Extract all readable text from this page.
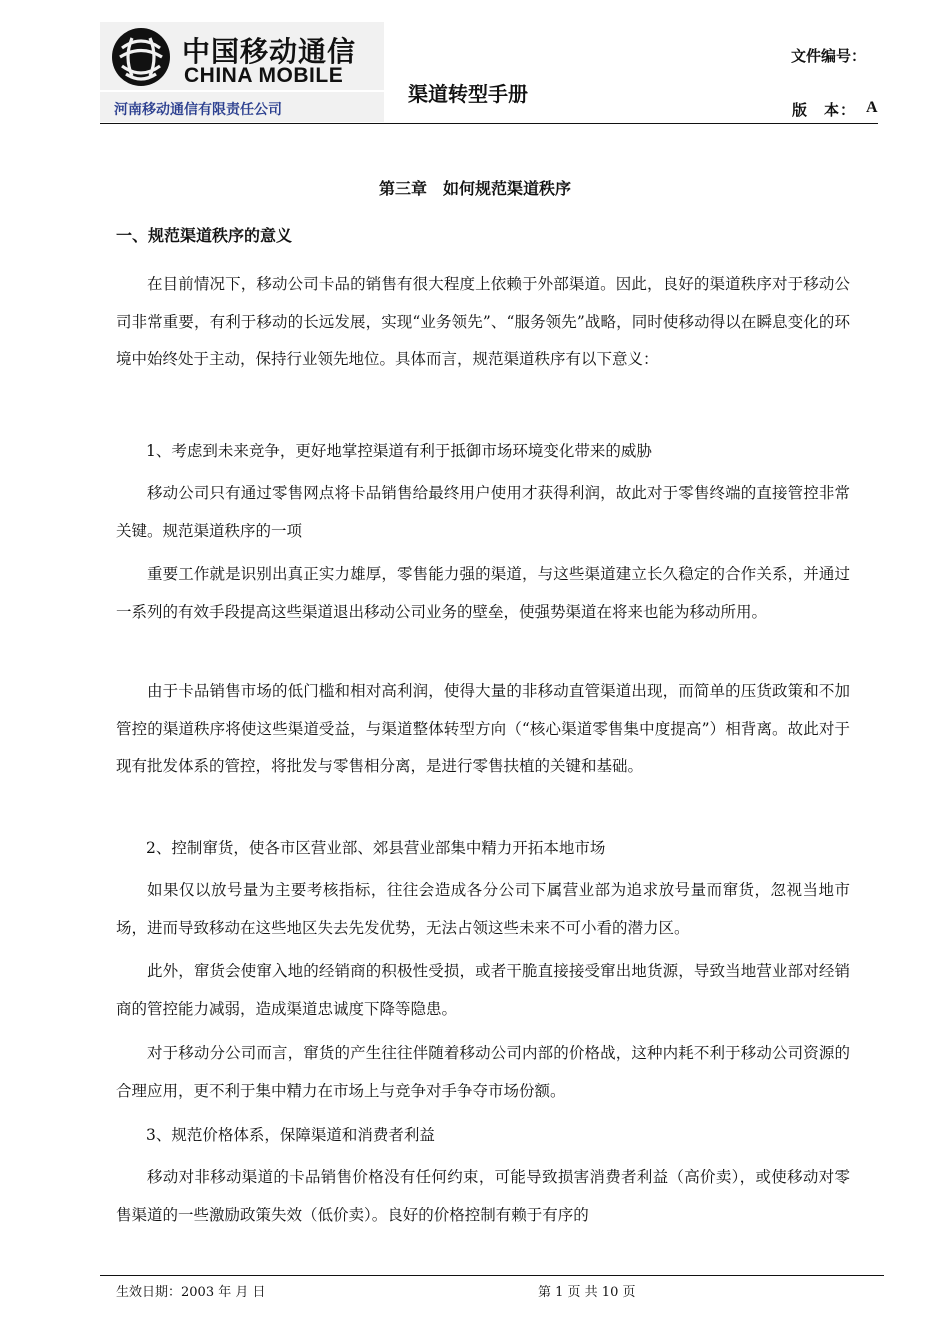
中国移动通信
CHINA MOBILE
河南移动通信有限责任公司
渠道转型手册
文件编号：
版　本： A
第三章　如何规范渠道秩序
一、规范渠道秩序的意义

在目前情况下，移动公司卡品的销售有很大程度上依赖于外部渠道。因此，良好的渠道秩序对于移动公司非常重要，有利于移动的长远发展，实现“业务领先”、“服务领先”战略，同时使移动得以在瞬息变化的环境中始终处于主动，保持行业领先地位。具体而言，规范渠道秩序有以下意义：

1、考虑到未来竞争，更好地掌控渠道有利于抵御市场环境变化带来的威胁

移动公司只有通过零售网点将卡品销售给最终用户使用才获得利润，故此对于零售终端的直接管控非常关键。规范渠道秩序的一项

重要工作就是识别出真正实力雄厚，零售能力强的渠道，与这些渠道建立长久稳定的合作关系，并通过一系列的有效手段提高这些渠道退出移动公司业务的壁垒，使强势渠道在将来也能为移动所用。

由于卡品销售市场的低门槛和相对高利润，使得大量的非移动直管渠道出现，而简单的压货政策和不加管控的渠道秩序将使这些渠道受益，与渠道整体转型方向（“核心渠道零售集中度提高”）相背离。故此对于现有批发体系的管控，将批发与零售相分离，是进行零售扶植的关键和基础。

2、控制窜货，使各市区营业部、郊县营业部集中精力开拓本地市场

如果仅以放号量为主要考核指标，往往会造成各分公司下属营业部为追求放号量而窜货，忽视当地市场，进而导致移动在这些地区失去先发优势，无法占领这些未来不可小看的潜力区。

此外，窜货会使窜入地的经销商的积极性受损，或者干脆直接接受窜出地货源，导致当地营业部对经销商的管控能力减弱，造成渠道忠诚度下降等隐患。

对于移动分公司而言，窜货的产生往往伴随着移动公司内部的价格战，这种内耗不利于移动公司资源的合理应用，更不利于集中精力在市场上与竞争对手争夺市场份额。

3、规范价格体系，保障渠道和消费者利益

移动对非移动渠道的卡品销售价格没有任何约束，可能导致损害消费者利益（高价卖），或使移动对零售渠道的一些激励政策失效（低价卖）。良好的价格控制有赖于有序的

生效日期：2003 年 月 日	第 1 页 共 10 页
